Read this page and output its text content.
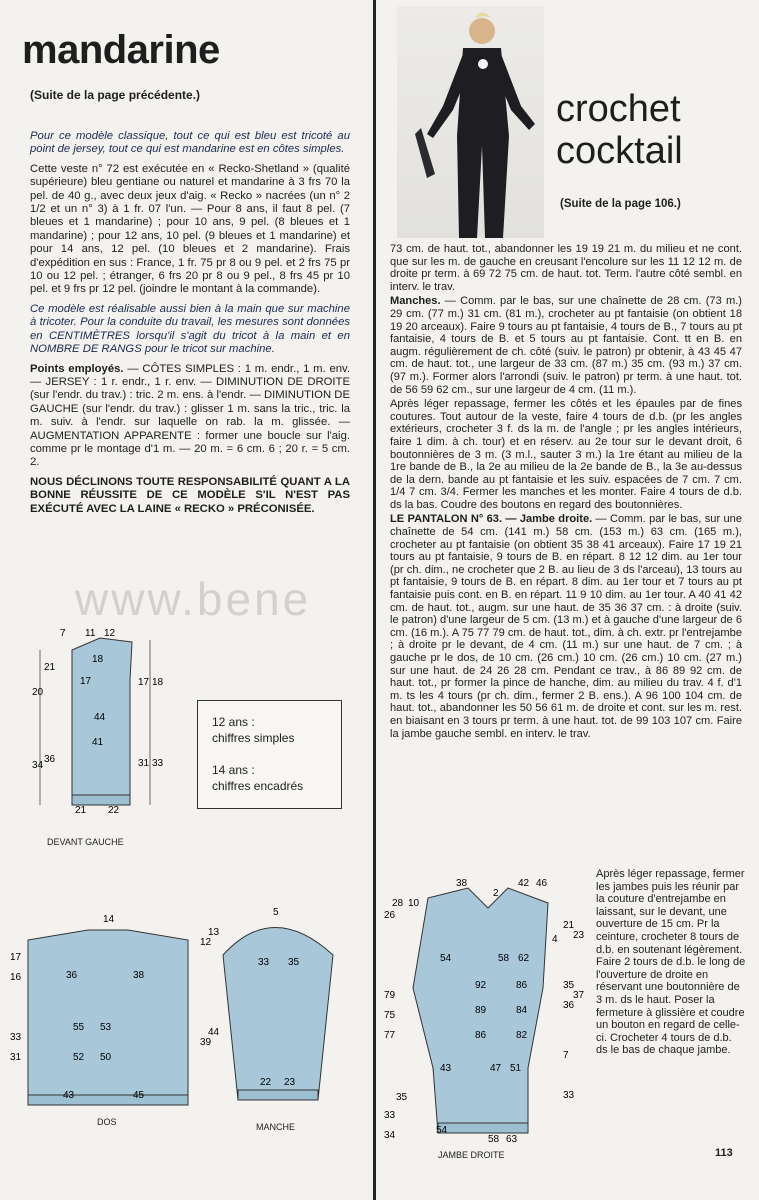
mandarine
(Suite de la page précédente.)

Pour ce modèle classique, tout ce qui est bleu est tricoté au point de jersey, tout ce qui est mandarine est en côtes simples.

Cette veste n° 72 est exécutée en « Recko-Shetland » (qualité supérieure) bleu gentiane ou naturel et mandarine à 3 frs 70 la pel. de 40 g., avec deux jeux d'aig. « Recko » nacrées (un n° 2 1/2 et un n° 3) à 1 fr. 07 l'un. — Pour 8 ans, il faut 8 pel. (7 bleues et 1 mandarine) ; pour 10 ans, 9 pel. (8 bleues et 1 mandarine) ; pour 12 ans, 10 pel. (9 bleues et 1 mandarine) et pour 14 ans, 12 pel. (10 bleues et 2 mandarine). Frais d'expédition en sus : France, 1 fr. 75 pr 8 ou 9 pel. et 2 frs 75 pr 10 ou 12 pel. ; étranger, 6 frs 20 pr 8 ou 9 pel., 8 frs 45 pr 10 pel. et 9 frs pr 12 pel. (joindre le montant à la commande).

Ce modèle est réalisable aussi bien à la main que sur machine à tricoter. Pour la conduite du travail, les mesures sont données en CENTIMÈTRES lorsqu'il s'agit du tricot à la main et en NOMBRE DE RANGS pour le tricot sur machine.

Points employés. — CÔTES SIMPLES : 1 m. endr., 1 m. env. — JERSEY : 1 r. endr., 1 r. env. — DIMINUTION DE DROITE (sur l'endr. du trav.) : tric. 2 m. ens. à l'endr. — DIMINUTION DE GAUCHE (sur l'endr. du trav.) : glisser 1 m. sans la tric., tric. la m. suiv. à l'endr. sur laquelle on rab. la m. glissée. — AUGMENTATION APPARENTE : former une boucle sur l'aig. comme pr le montage d'1 m. — 20 m. = 6 cm. 6 ; 20 r. = 5 cm. 2.

NOUS DÉCLINONS TOUTE RESPONSABILITÉ QUANT A LA BONNE RÉUSSITE DE CE MODÈLE S'IL N'EST PAS EXÉCUTÉ AVEC LA LAINE « RECKO » PRÉCONISÉE.

www.bene
12 ans :
chiffres simples
14 ans :
chiffres encadrés
7 11 12
18
17
20
21
34
36
17 18
31 33
41
44
21 22
DEVANT GAUCHE
14
36	38
16
17
31
33
52
55
50
53
43	45
DOS
5
33 35
12
13
39
44
22 23
MANCHE
crochet
cocktail
(Suite de la page 106.)

73 cm. de haut. tot., abandonner les 19 19 21 m. du milieu et ne cont. que sur les m. de gauche en creusant l'encolure sur les 11 12 12 m. de droite pr term. à 69 72 75 cm. de haut. tot. Term. l'autre côté sembl. en interv. le trav.

Manches. — Comm. par le bas, sur une chaînette de 28 cm. (73 m.) 29 cm. (77 m.) 31 cm. (81 m.), crocheter au pt fantaisie (on obtient 18 19 20 arceaux). Faire 9 tours au pt fantaisie, 4 tours de B., 7 tours au pt fantaisie, 4 tours de B. et 5 tours au pt fantaisie. Cont. tt en B. en augm. régulièrement de ch. côté (suiv. le patron) pr obtenir, à 43 45 47 cm. de haut. tot., une largeur de 33 cm. (87 m.) 35 cm. (93 m.) 37 cm. (97 m.). Former alors l'arrondi (suiv. le patron) pr term. à une haut. tot. de 56 59 62 cm., sur une largeur de 4 cm. (11 m.).

Après léger repassage, fermer les côtés et les épaules par de fines coutures. Tout autour de la veste, faire 4 tours de d.b. (pr les angles extérieurs, crocheter 3 f. ds la m. de l'angle ; pr les angles intérieurs, faire 1 dim. à ch. tour) et en réserv. au 2e tour sur le devant droit, 6 boutonnières de 3 m. (3 m.l., sauter 3 m.) la 1re étant au milieu de la 1re bande de B., la 2e au milieu de la 2e bande de B., la 3e au-dessus de la dern. bande au pt fantaisie et les suiv. espacées de 7 cm. 7 cm. 1/4 7 cm. 3/4. Fermer les manches et les monter. Faire 4 tours de d.b. ds la bas. Coudre des boutons en regard des boutonnières.

LE PANTALON N° 63. — Jambe droite. — Comm. par le bas, sur une chaînette de 54 cm. (141 m.) 58 cm. (153 m.) 63 cm. (165 m.), crocheter au pt fantaisie (on obtient 35 38 41 arceaux). Faire 17 19 21 tours au pt fantaisie, 9 tours de B. en répart. 8 12 12 dim. au 1er tour (pr ch. dim., ne crocheter que 2 B. au lieu de 3 ds l'arceau), 13 tours au pt fantaisie, 9 tours de B. en répart. 8 dim. au 1er tour et 7 tours au pt fantaisie puis cont. en B. en répart. 11 9 10 dim. au 1er tour. A 40 41 42 cm. de haut. tot., augm. sur une haut. de 35 36 37 cm. : à droite (suiv. le patron) d'une largeur de 5 cm. (13 m.) et à gauche d'une largeur de 6 cm. (16 m.). A 75 77 79 cm. de haut. tot., dim. à ch. extr. pr l'entrejambe ; à droite pr le devant, de 4 cm. (11 m.) sur une haut. de 7 cm. ; à gauche pr le dos, de 10 cm. (26 cm.) 10 cm. (26 cm.) 10 cm. (27 m.) sur une haut. de 24 26 28 cm. Pendant ce trav., à 86 89 92 cm. de haut. tot., pr former la pince de hanche, dim. au milieu du trav. 4 f. d'1 m. ts les 4 tours (pr ch. dim., fermer 2 B. ens.). A 96 100 104 cm. de haut. tot., abandonner les 50 56 61 m. de droite et cont. sur les m. rest. en biaisant en 3 tours pr term. à une haut. tot. de 99 103 107 cm. Faire la jambe gauche sembl. en interv. le trav.

38	42 46
2
10
26
28
75
77
79
33
34
35
4
21
23
35
36
37
7
33
54	58 62
43	47 51
86
89
92
82
84
86
54
58 63
JAMBE DROITE
Après léger repassage, fermer les jambes puis les réunir par la couture d'entrejambe en laissant, sur le devant, une ouverture de 15 cm. Pr la ceinture, crocheter 8 tours de d.b. en soutenant légèrement. Faire 2 tours de d.b. le long de l'ouverture de droite en réservant une boutonnière de 3 m. ds le haut. Poser la fermeture à glissière et coudre un bouton en regard de celle-ci. Crocheter 4 tours de d.b. ds le bas de chaque jambe.
113
